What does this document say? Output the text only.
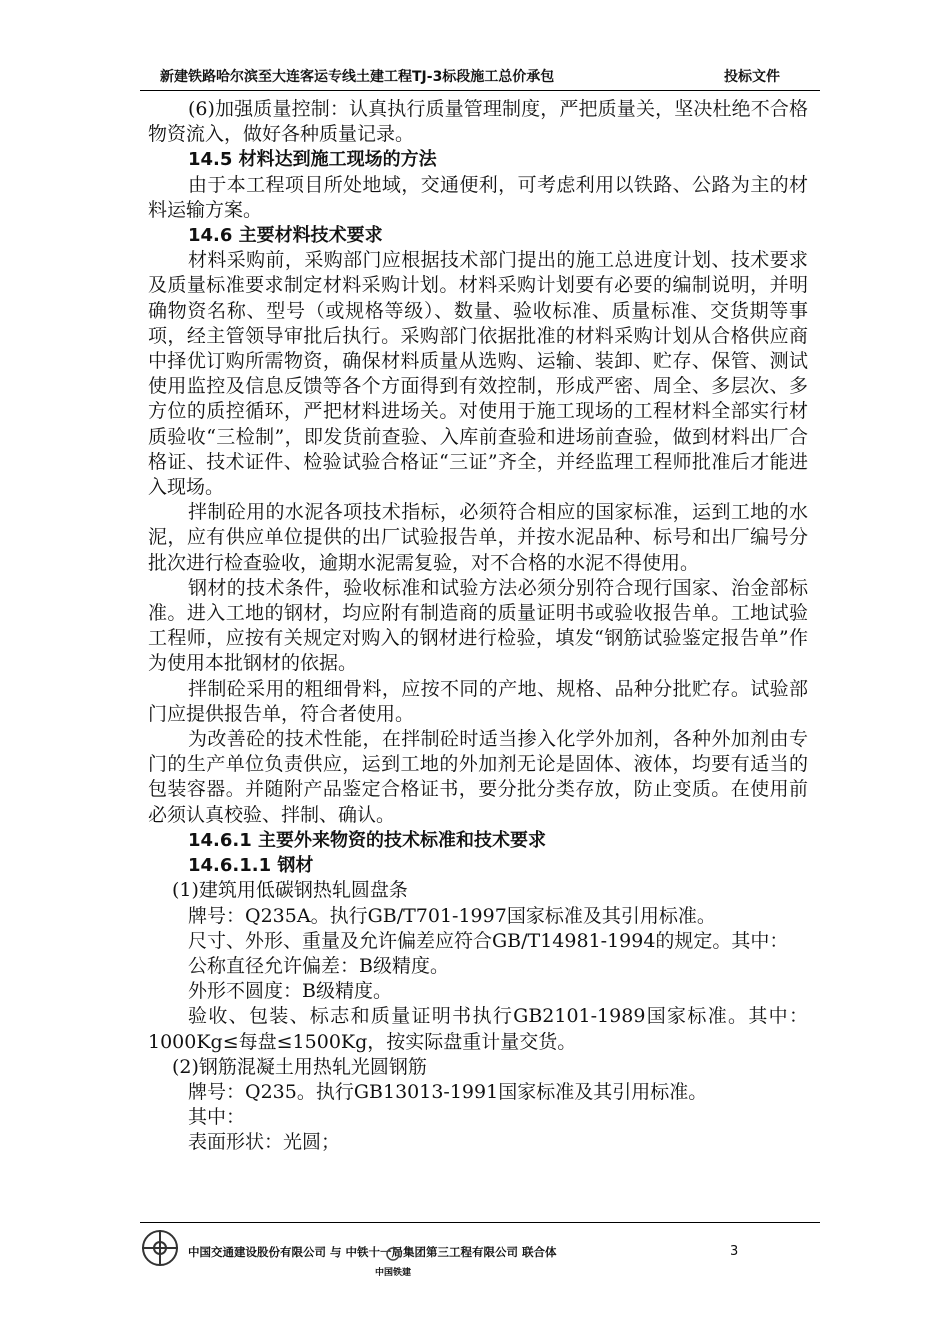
新建铁路哈尔滨至大连客运专线土建工程TJ-3标段施工总价承包	投标文件

(6)加强质量控制：认真执行质量管理制度，严把质量关，坚决杜绝不合格物资流入，做好各种质量记录。

14.5 材料达到施工现场的方法

由于本工程项目所处地域，交通便利，可考虑利用以铁路、公路为主的材料运输方案。

14.6 主要材料技术要求

材料采购前，采购部门应根据技术部门提出的施工总进度计划、技术要求及质量标准要求制定材料采购计划。材料采购计划要有必要的编制说明，并明确物资名称、型号（或规格等级）、数量、验收标准、质量标准、交货期等事项，经主管领导审批后执行。采购部门依据批准的材料采购计划从合格供应商中择优订购所需物资，确保材料质量从选购、运输、装卸、贮存、保管、测试使用监控及信息反馈等各个方面得到有效控制，形成严密、周全、多层次、多方位的质控循环，严把材料进场关。对使用于施工现场的工程材料全部实行材质验收“三检制”，即发货前查验、入库前查验和进场前查验，做到材料出厂合格证、技术证件、检验试验合格证“三证”齐全，并经监理工程师批准后才能进入现场。

拌制砼用的水泥各项技术指标，必须符合相应的国家标准，运到工地的水泥，应有供应单位提供的出厂试验报告单，并按水泥品种、标号和出厂编号分批次进行检查验收，逾期水泥需复验，对不合格的水泥不得使用。

钢材的技术条件，验收标准和试验方法必须分别符合现行国家、治金部标准。进入工地的钢材，均应附有制造商的质量证明书或验收报告单。工地试验工程师，应按有关规定对购入的钢材进行检验，填发“钢筋试验鉴定报告单”作为使用本批钢材的依据。

拌制砼采用的粗细骨料，应按不同的产地、规格、品种分批贮存。试验部门应提供报告单，符合者使用。

为改善砼的技术性能，在拌制砼时适当掺入化学外加剂，各种外加剂由专门的生产单位负责供应，运到工地的外加剂无论是固体、液体，均要有适当的包装容器。并随附产品鉴定合格证书，要分批分类存放，防止变质。在使用前必须认真校验、拌制、确认。

14.6.1 主要外来物资的技术标准和技术要求

14.6.1.1 钢材

(1)建筑用低碳钢热轧圆盘条

牌号：Q235A。执行GB/T701-1997国家标准及其引用标准。

尺寸、外形、重量及允许偏差应符合GB/T14981-1994的规定。其中：

公称直径允许偏差：B级精度。

外形不圆度：B级精度。

验收、包装、标志和质量证明书执行GB2101-1989国家标准。其中：1000Kg≤每盘≤1500Kg，按实际盘重计量交货。

(2)钢筋混凝土用热轧光圆钢筋

牌号：Q235。执行GB13013-1991国家标准及其引用标准。

其中：

表面形状：光圆；

中国交通建设股份有限公司 与 中铁十一局集团第三工程有限公司 联合体
中国铁建
3
